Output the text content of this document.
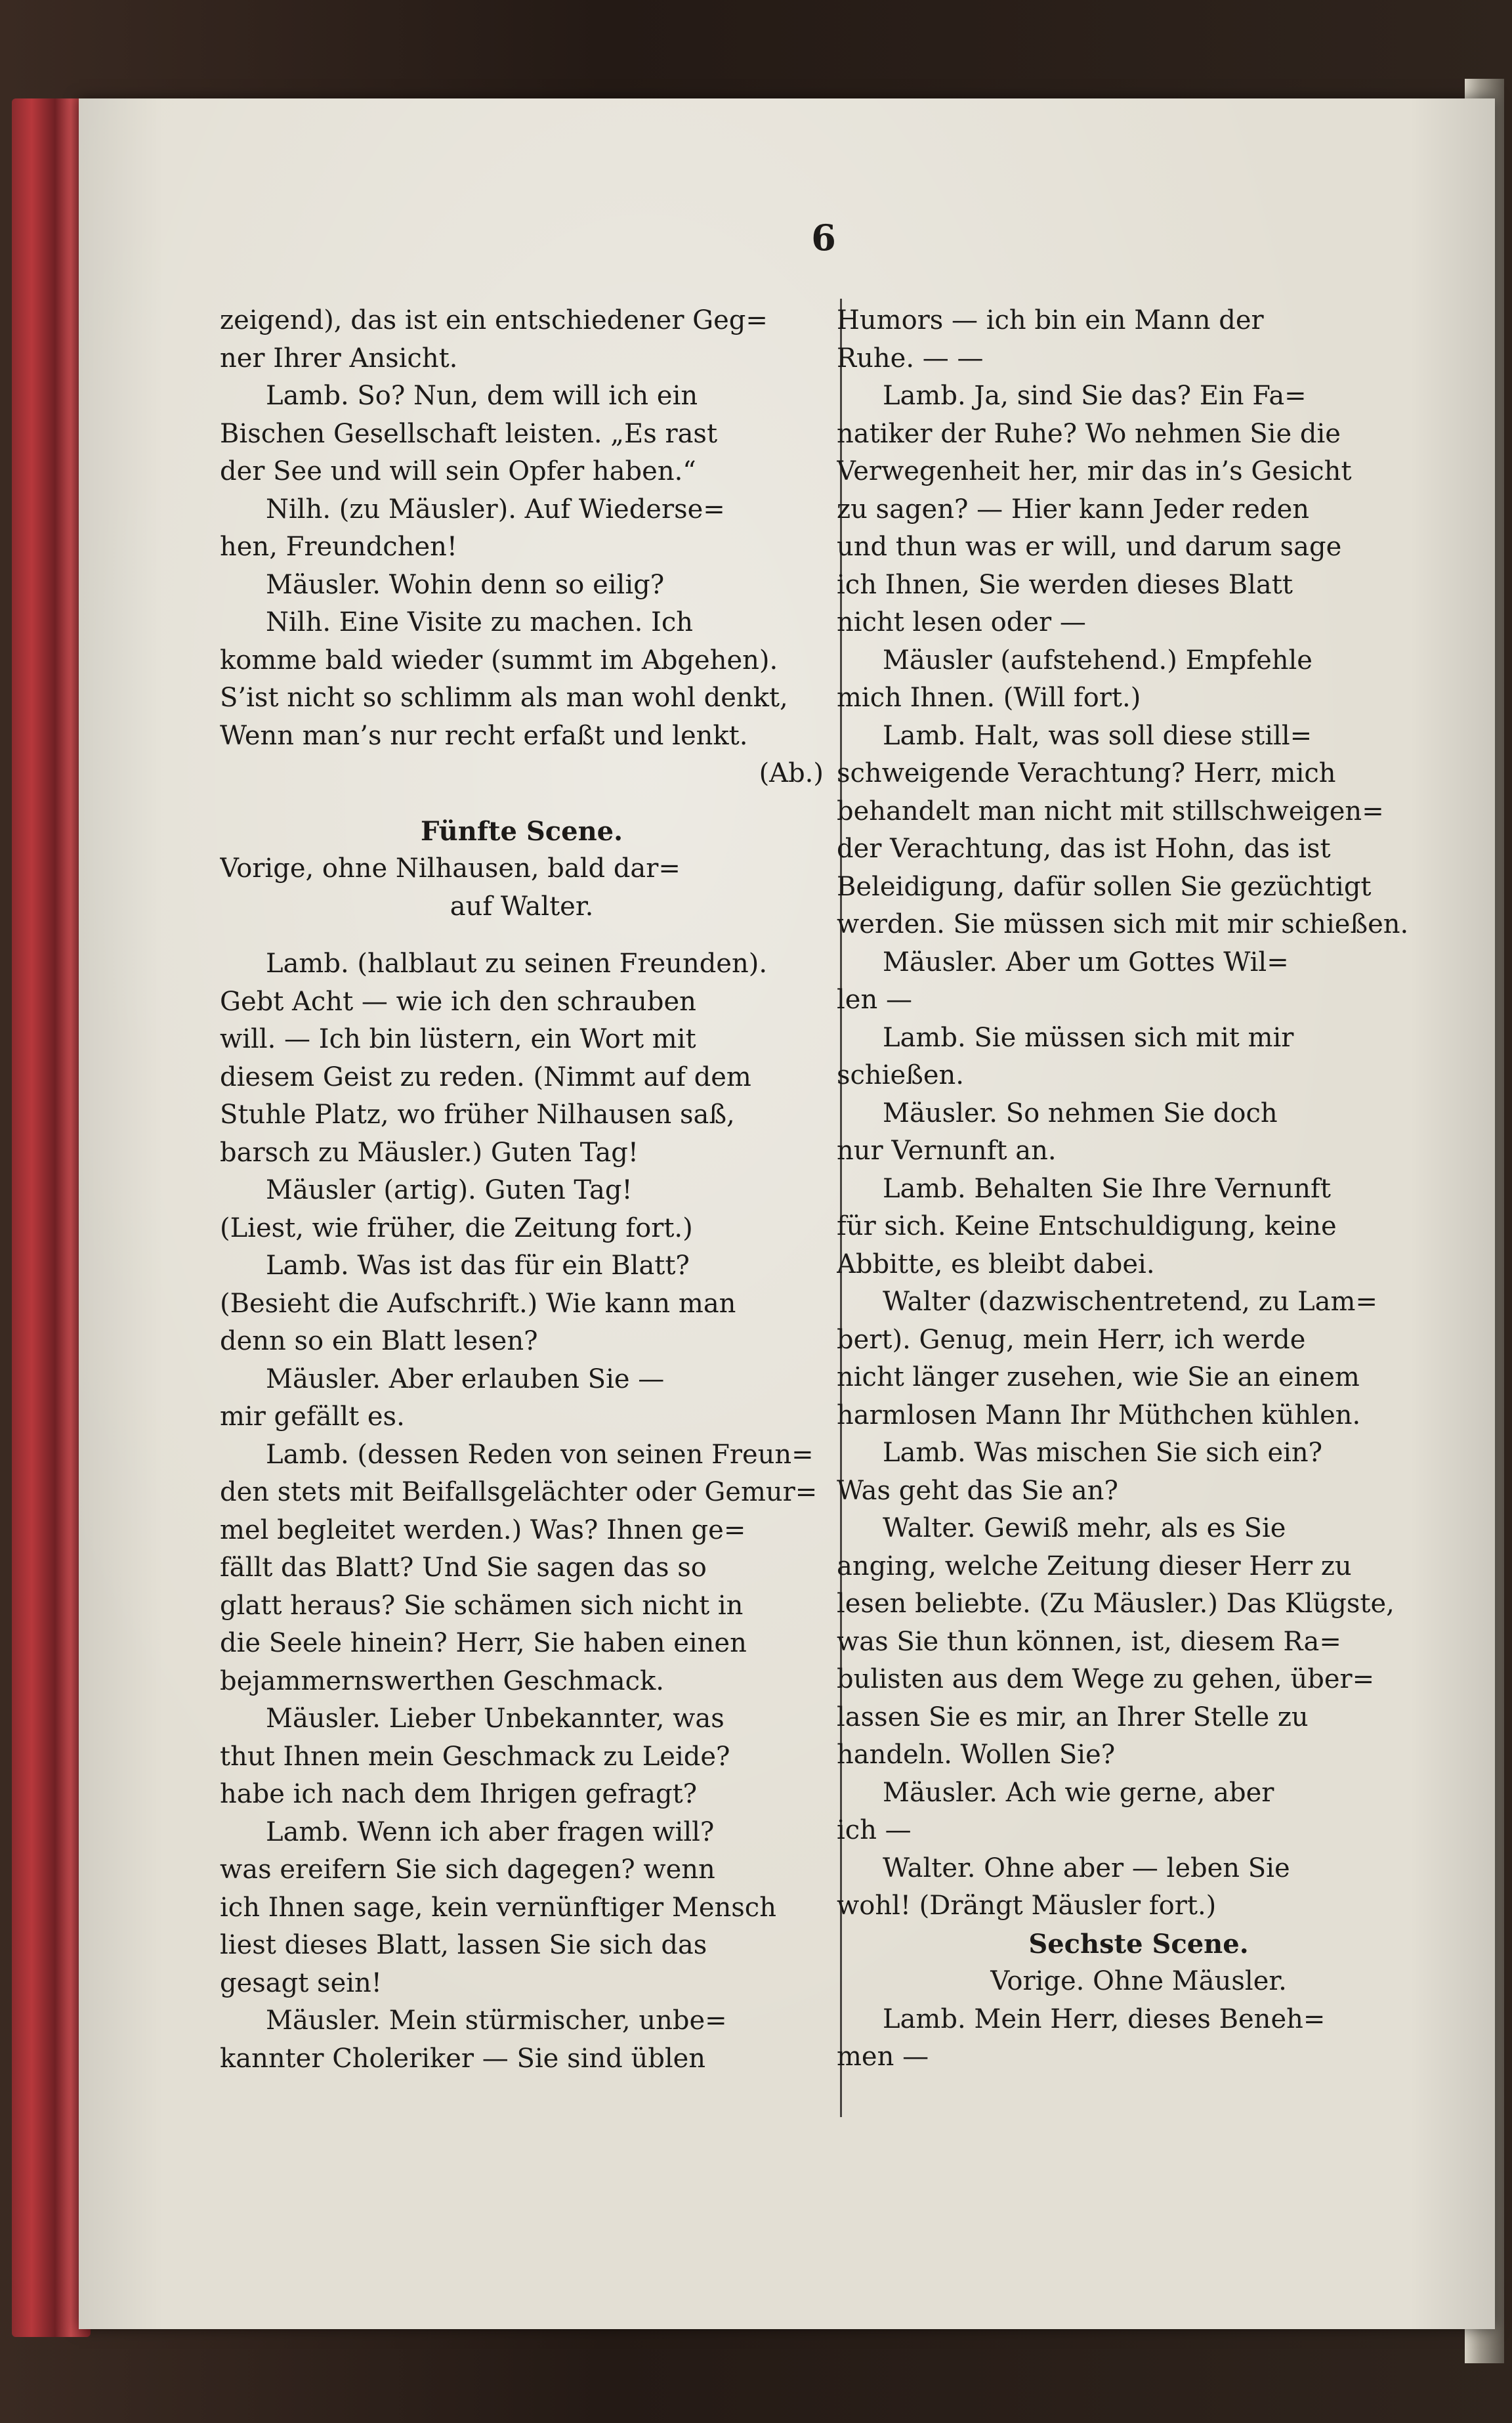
6
zeigend), das ist ein entschiedener Geg=
ner Ihrer Ansicht.
Lamb. So? Nun, dem will ich ein
Bischen Gesellschaft leisten. „Es rast
der See und will sein Opfer haben.“
Nilh. (zu Mäusler). Auf Wiederse=
hen, Freundchen!
Mäusler. Wohin denn so eilig?
Nilh. Eine Visite zu machen. Ich
komme bald wieder (summt im Abgehen).
S’ist nicht so schlimm als man wohl denkt,
Wenn man’s nur recht erfaßt und lenkt.
(Ab.)
Fünfte Scene.
Vorige, ohne Nilhausen, bald dar=
auf Walter.
Lamb. (halblaut zu seinen Freunden).
Gebt Acht — wie ich den schrauben
will. — Ich bin lüstern, ein Wort mit
diesem Geist zu reden. (Nimmt auf dem
Stuhle Platz, wo früher Nilhausen saß,
barsch zu Mäusler.) Guten Tag!
Mäusler (artig). Guten Tag!
(Liest, wie früher, die Zeitung fort.)
Lamb. Was ist das für ein Blatt?
(Besieht die Aufschrift.) Wie kann man
denn so ein Blatt lesen?
Mäusler. Aber erlauben Sie —
mir gefällt es.
Lamb. (dessen Reden von seinen Freun=
den stets mit Beifallsgelächter oder Gemur=
mel begleitet werden.) Was? Ihnen ge=
fällt das Blatt? Und Sie sagen das so
glatt heraus? Sie schämen sich nicht in
die Seele hinein? Herr, Sie haben einen
bejammernswerthen Geschmack.
Mäusler. Lieber Unbekannter, was
thut Ihnen mein Geschmack zu Leide?
habe ich nach dem Ihrigen gefragt?
Lamb. Wenn ich aber fragen will?
was ereifern Sie sich dagegen? wenn
ich Ihnen sage, kein vernünftiger Mensch
liest dieses Blatt, lassen Sie sich das
gesagt sein!
Mäusler. Mein stürmischer, unbe=
kannter Choleriker — Sie sind üblen
Humors — ich bin ein Mann der
Ruhe. — —
Lamb. Ja, sind Sie das? Ein Fa=
natiker der Ruhe? Wo nehmen Sie die
Verwegenheit her, mir das in’s Gesicht
zu sagen? — Hier kann Jeder reden
und thun was er will, und darum sage
ich Ihnen, Sie werden dieses Blatt
nicht lesen oder —
Mäusler (aufstehend.) Empfehle
mich Ihnen. (Will fort.)
Lamb. Halt, was soll diese still=
schweigende Verachtung? Herr, mich
behandelt man nicht mit stillschweigen=
der Verachtung, das ist Hohn, das ist
Beleidigung, dafür sollen Sie gezüchtigt
werden. Sie müssen sich mit mir schießen.
Mäusler. Aber um Gottes Wil=
len —
Lamb. Sie müssen sich mit mir
schießen.
Mäusler. So nehmen Sie doch
nur Vernunft an.
Lamb. Behalten Sie Ihre Vernunft
für sich. Keine Entschuldigung, keine
Abbitte, es bleibt dabei.
Walter (dazwischentretend, zu Lam=
bert). Genug, mein Herr, ich werde
nicht länger zusehen, wie Sie an einem
harmlosen Mann Ihr Müthchen kühlen.
Lamb. Was mischen Sie sich ein?
Was geht das Sie an?
Walter. Gewiß mehr, als es Sie
anging, welche Zeitung dieser Herr zu
lesen beliebte. (Zu Mäusler.) Das Klügste,
was Sie thun können, ist, diesem Ra=
bulisten aus dem Wege zu gehen, über=
lassen Sie es mir, an Ihrer Stelle zu
handeln. Wollen Sie?
Mäusler. Ach wie gerne, aber
ich —
Walter. Ohne aber — leben Sie
wohl! (Drängt Mäusler fort.)
Sechste Scene.
Vorige. Ohne Mäusler.
Lamb. Mein Herr, dieses Beneh=
men —
